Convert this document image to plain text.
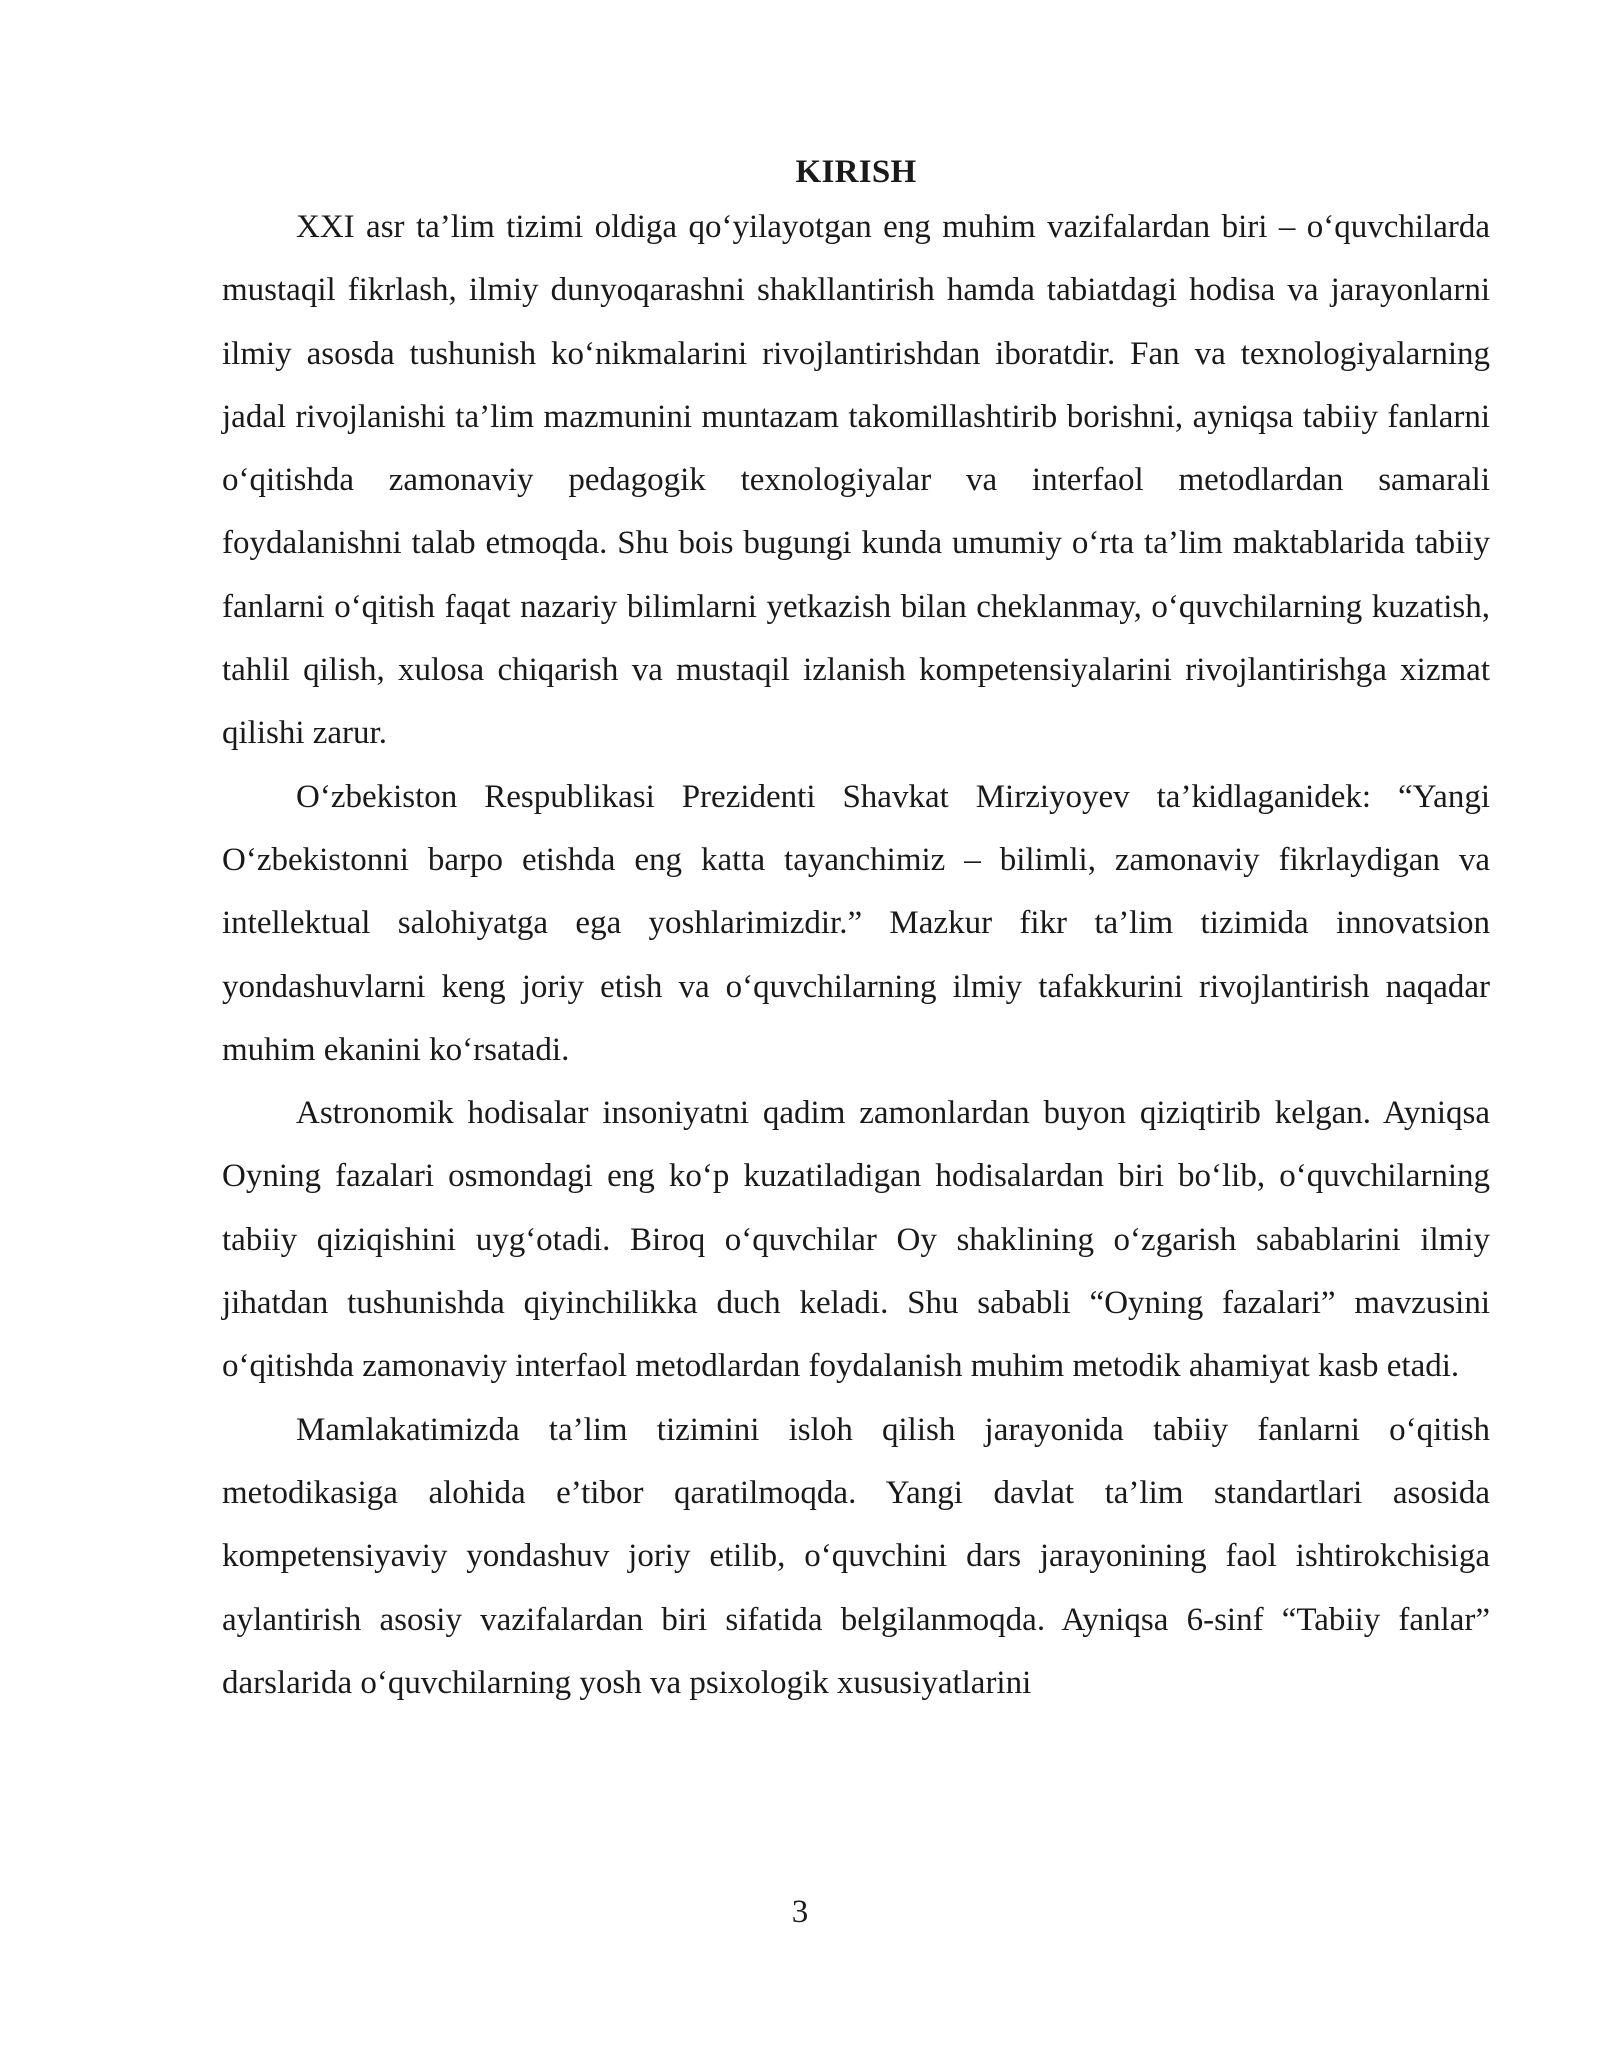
KIRISH

XXI asr ta’lim tizimi oldiga qo‘yilayotgan eng muhim vazifalardan biri – o‘quvchilarda mustaqil fikrlash, ilmiy dunyoqarashni shakllantirish hamda tabiatdagi hodisa va jarayonlarni ilmiy asosda tushunish ko‘nikmalarini rivojlantirishdan iboratdir. Fan va texnologiyalarning jadal rivojlanishi ta’lim mazmunini muntazam takomillashtirib borishni, ayniqsa tabiiy fanlarni o‘qitishda zamonaviy pedagogik texnologiyalar va interfaol metodlardan samarali foydalanishni talab etmoqda. Shu bois bugungi kunda umumiy o‘rta ta’lim maktablarida tabiiy fanlarni o‘qitish faqat nazariy bilimlarni yetkazish bilan cheklanmay, o‘quvchilarning kuzatish, tahlil qilish, xulosa chiqarish va mustaqil izlanish kompetensiyalarini rivojlantirishga xizmat qilishi zarur.

O‘zbekiston Respublikasi Prezidenti Shavkat Mirziyoyev ta’kidlaganidek: “Yangi O‘zbekistonni barpo etishda eng katta tayanchimiz – bilimli, zamonaviy fikrlaydigan va intellektual salohiyatga ega yoshlarimizdir.” Mazkur fikr ta’lim tizimida innovatsion yondashuvlarni keng joriy etish va o‘quvchilarning ilmiy tafakkurini rivojlantirish naqadar muhim ekanini ko‘rsatadi.

Astronomik hodisalar insoniyatni qadim zamonlardan buyon qiziqtirib kelgan. Ayniqsa Oyning fazalari osmondagi eng ko‘p kuzatiladigan hodisalardan biri bo‘lib, o‘quvchilarning tabiiy qiziqishini uyg‘otadi. Biroq o‘quvchilar Oy shaklining o‘zgarish sabablarini ilmiy jihatdan tushunishda qiyinchilikka duch keladi. Shu sababli “Oyning fazalari” mavzusini o‘qitishda zamonaviy interfaol metodlardan foydalanish muhim metodik ahamiyat kasb etadi.

Mamlakatimizda ta’lim tizimini isloh qilish jarayonida tabiiy fanlarni o‘qitish metodikasiga alohida e’tibor qaratilmoqda. Yangi davlat ta’lim standartlari asosida kompetensiyaviy yondashuv joriy etilib, o‘quvchini dars jarayonining faol ishtirokchisiga aylantirish asosiy vazifalardan biri sifatida belgilanmoqda. Ayniqsa 6-sinf “Tabiiy fanlar” darslarida o‘quvchilarning yosh va psixologik xususiyatlarini

3
